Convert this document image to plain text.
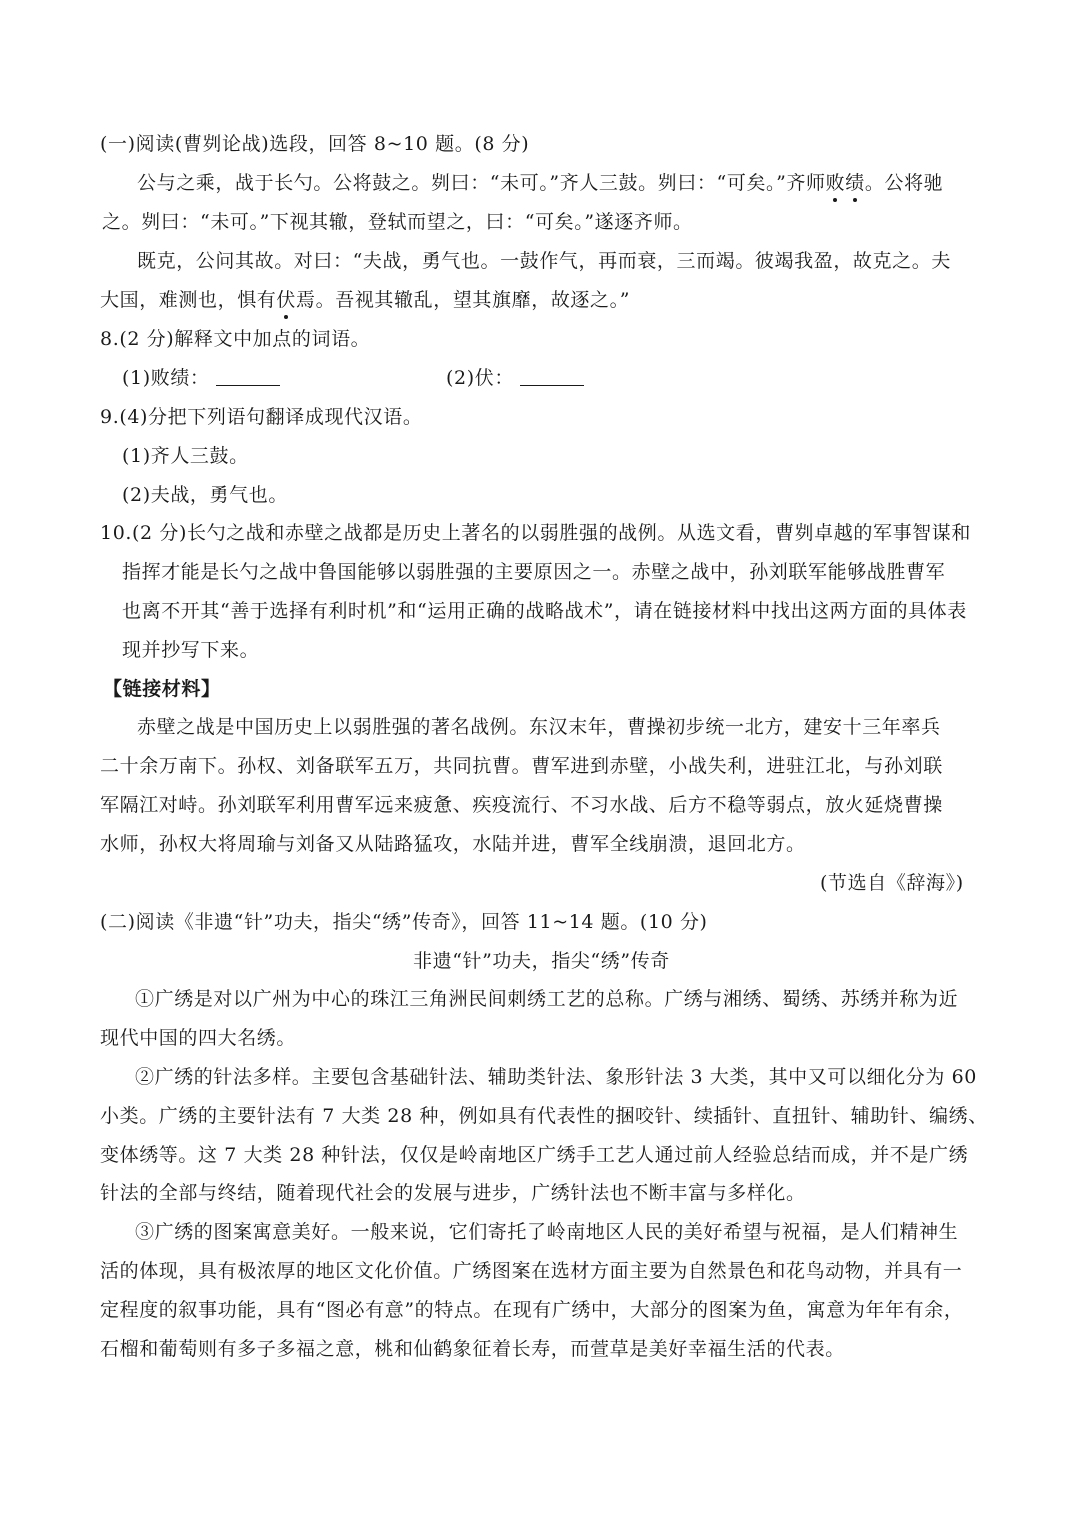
(一)阅读(曹刿论战)选段，回答 8~10 题。(8 分)
公与之乘，战于长勺。公将鼓之。刿曰：“未可。”齐人三鼓。刿曰：“可矣。”齐师败绩。公将驰
之。刿曰：“未可。”下视其辙，登轼而望之，曰：“可矣。”遂逐齐师。
既克，公问其故。对曰：“夫战，勇气也。一鼓作气，再而衰，三而竭。彼竭我盈，故克之。夫
大国，难测也，惧有伏焉。吾视其辙乱，望其旗靡，故逐之。”
8.(2 分)解释文中加点的词语。
(1)败绩：	(2)伏：
9.(4)分把下列语句翻译成现代汉语。
(1)齐人三鼓。
(2)夫战，勇气也。
10.(2 分)长勺之战和赤壁之战都是历史上著名的以弱胜强的战例。从选文看，曹刿卓越的军事智谋和
指挥才能是长勺之战中鲁国能够以弱胜强的主要原因之一。赤壁之战中，孙刘联军能够战胜曹军
也离不开其“善于选择有利时机”和“运用正确的战略战术”，请在链接材料中找出这两方面的具体表
现并抄写下来。
【链接材料】
赤壁之战是中国历史上以弱胜强的著名战例。东汉末年，曹操初步统一北方，建安十三年率兵
二十余万南下。孙权、刘备联军五万，共同抗曹。曹军进到赤壁，小战失利，进驻江北，与孙刘联
军隔江对峙。孙刘联军利用曹军远来疲惫、疾疫流行、不习水战、后方不稳等弱点，放火延烧曹操
水师，孙权大将周瑜与刘备又从陆路猛攻，水陆并进，曹军全线崩溃，退回北方。
(节选自《辞海》)
(二)阅读《非遗“针”功夫，指尖“绣”传奇》，回答 11~14 题。(10 分)
非遗“针”功夫，指尖“绣”传奇
①广绣是对以广州为中心的珠江三角洲民间刺绣工艺的总称。广绣与湘绣、蜀绣、苏绣并称为近
现代中国的四大名绣。
②广绣的针法多样。主要包含基础针法、辅助类针法、象形针法 3 大类，其中又可以细化分为 60
小类。广绣的主要针法有 7 大类 28 种，例如具有代表性的捆咬针、续插针、直扭针、辅助针、编绣、
变体绣等。这 7 大类 28 种针法，仅仅是岭南地区广绣手工艺人通过前人经验总结而成，并不是广绣
针法的全部与终结，随着现代社会的发展与进步，广绣针法也不断丰富与多样化。
③广绣的图案寓意美好。一般来说，它们寄托了岭南地区人民的美好希望与祝福，是人们精神生
活的体现，具有极浓厚的地区文化价值。广绣图案在选材方面主要为自然景色和花鸟动物，并具有一
定程度的叙事功能，具有“图必有意”的特点。在现有广绣中，大部分的图案为鱼，寓意为年年有余，
石榴和葡萄则有多子多福之意，桃和仙鹤象征着长寿，而萱草是美好幸福生活的代表。
